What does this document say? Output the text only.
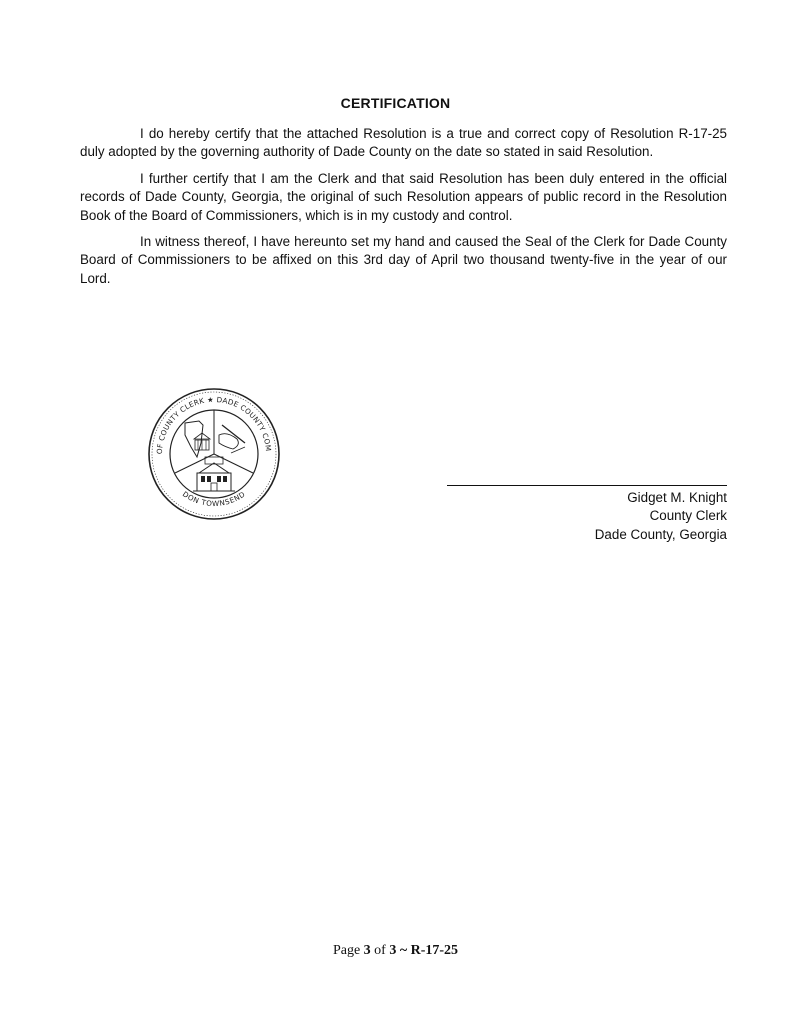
CERTIFICATION

I do hereby certify that the attached Resolution is a true and correct copy of Resolution R-17-25 duly adopted by the governing authority of Dade County on the date so stated in said Resolution.

I further certify that I am the Clerk and that said Resolution has been duly entered in the official records of Dade County, Georgia, the original of such Resolution appears of public record in the Resolution Book of the Board of Commissioners, which is in my custody and control.

In witness thereof, I have hereunto set my hand and caused the Seal of the Clerk for Dade County Board of Commissioners to be affixed on this 3rd day of April two thousand twenty-five in the year of our Lord.

OF COUNTY CLERK ★ DADE COUNTY COM
DON TOWNSEND	Gidget M. Knight
County Clerk
Dade County, Georgia
Page 3 of 3 ~ R-17-25
